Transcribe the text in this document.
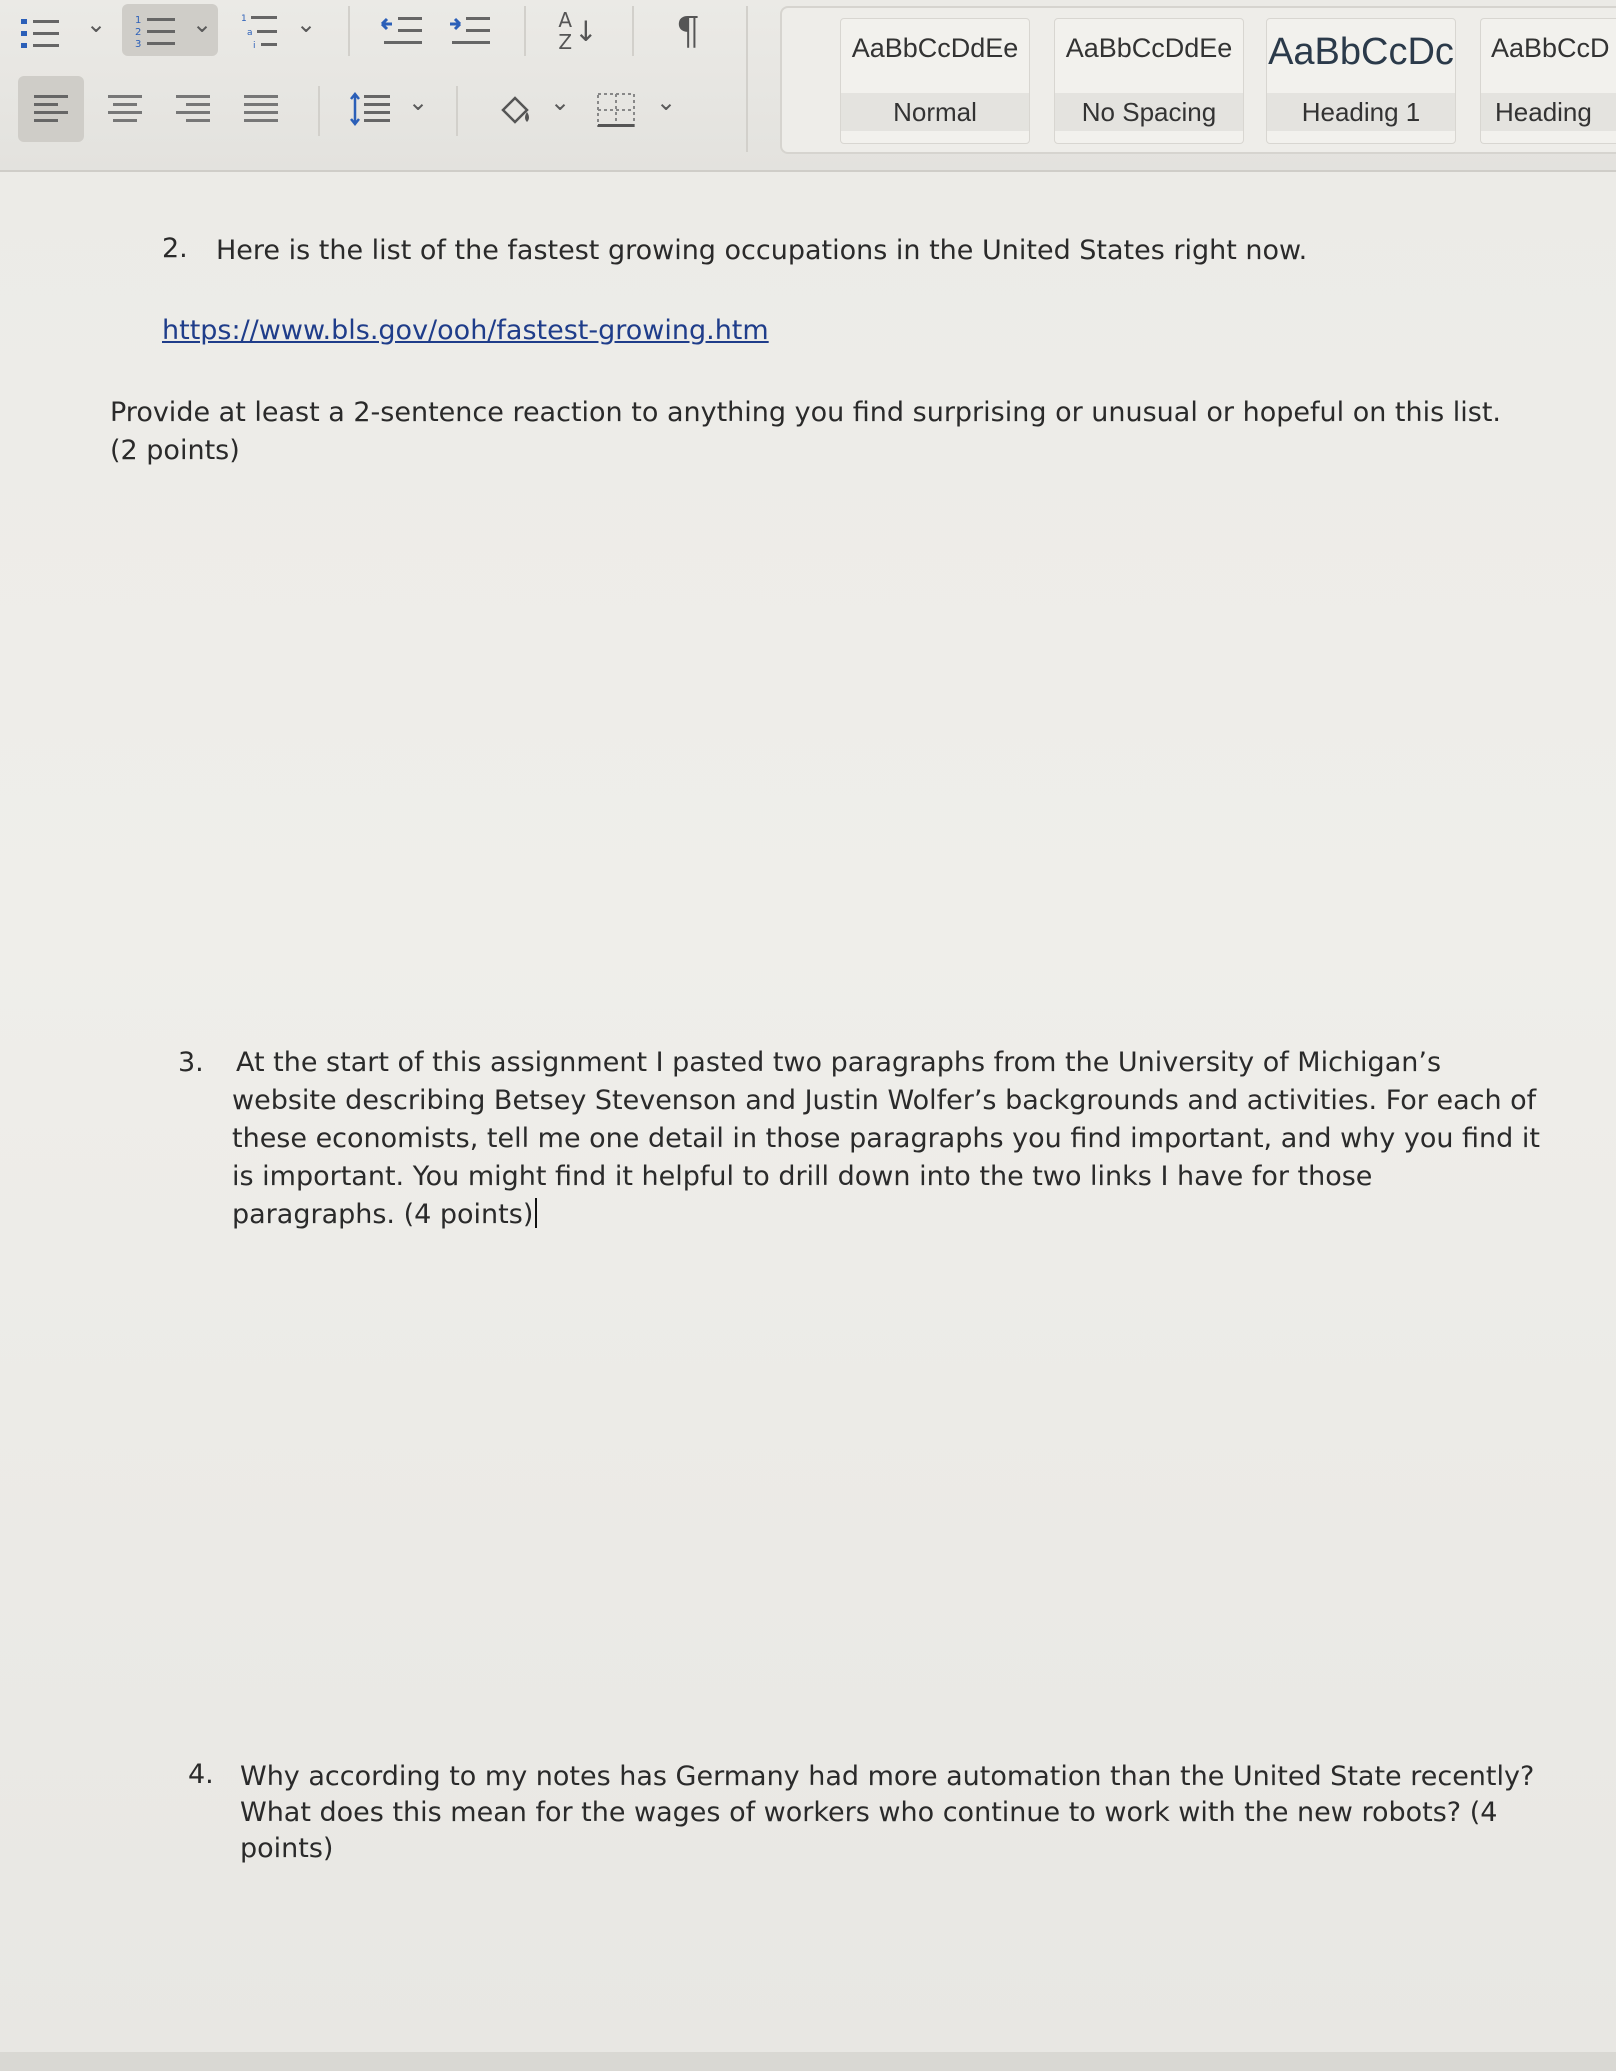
⌄	1
2
3
⌄	1
a
i
⌄	A
Z ↓ ¶
⌄	⌄	⌄
AaBbCcDdEe
Normal
AaBbCcDdEe
No Spacing
AaBbCcDc
Heading 1
AaBbCcD
Heading
2. Here is the list of the fastest growing occupations in the United States right now.

https://www.bls.gov/ooh/fastest-growing.htm

Provide at least a 2-sentence reaction to anything you find surprising or unusual or hopeful on this list.

(2 points)

3. At the start of this assignment I pasted two paragraphs from the University of Michigan’s

website describing Betsey Stevenson and Justin Wolfer’s backgrounds and activities. For each of

these economists, tell me one detail in those paragraphs you find important, and why you find it

is important. You might find it helpful to drill down into the two links I have for those

paragraphs. (4 points)

4. Why according to my notes has Germany had more automation than the United State recently?

What does this mean for the wages of workers who continue to work with the new robots? (4

points)
